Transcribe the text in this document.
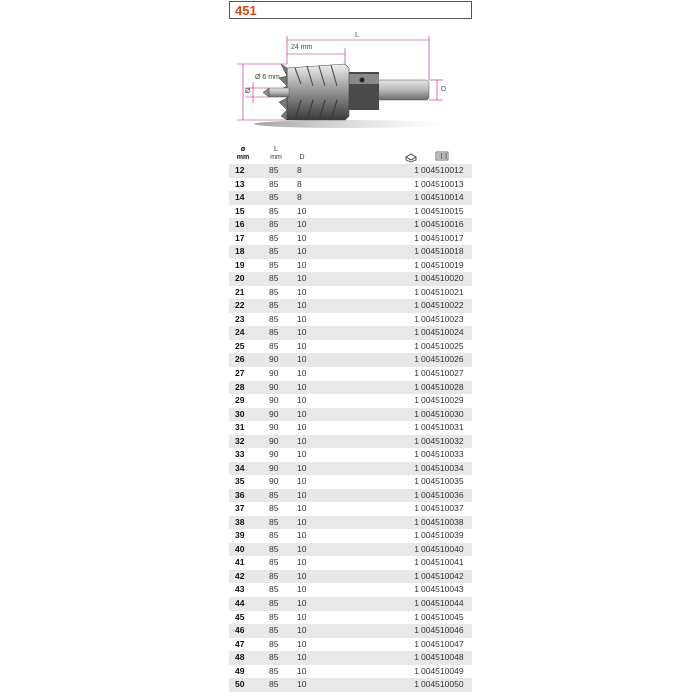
451
24 mm
L
Ø 6 mm
Ø	D
ø
mm
L
mm	D
12	85	8	1 004510012
13	85	8	1 004510013
14	85	8	1 004510014
15	85	10	1 004510015
16	85	10	1 004510016
17	85	10	1 004510017
18	85	10	1 004510018
19	85	10	1 004510019
20	85	10	1 004510020
21	85	10	1 004510021
22	85	10	1 004510022
23	85	10	1 004510023
24	85	10	1 004510024
25	85	10	1 004510025
26	90	10	1 004510026
27	90	10	1 004510027
28	90	10	1 004510028
29	90	10	1 004510029
30	90	10	1 004510030
31	90	10	1 004510031
32	90	10	1 004510032
33	90	10	1 004510033
34	90	10	1 004510034
35	90	10	1 004510035
36	85	10	1 004510036
37	85	10	1 004510037
38	85	10	1 004510038
39	85	10	1 004510039
40	85	10	1 004510040
41	85	10	1 004510041
42	85	10	1 004510042
43	85	10	1 004510043
44	85	10	1 004510044
45	85	10	1 004510045
46	85	10	1 004510046
47	85	10	1 004510047
48	85	10	1 004510048
49	85	10	1 004510049
50	85	10	1 004510050
